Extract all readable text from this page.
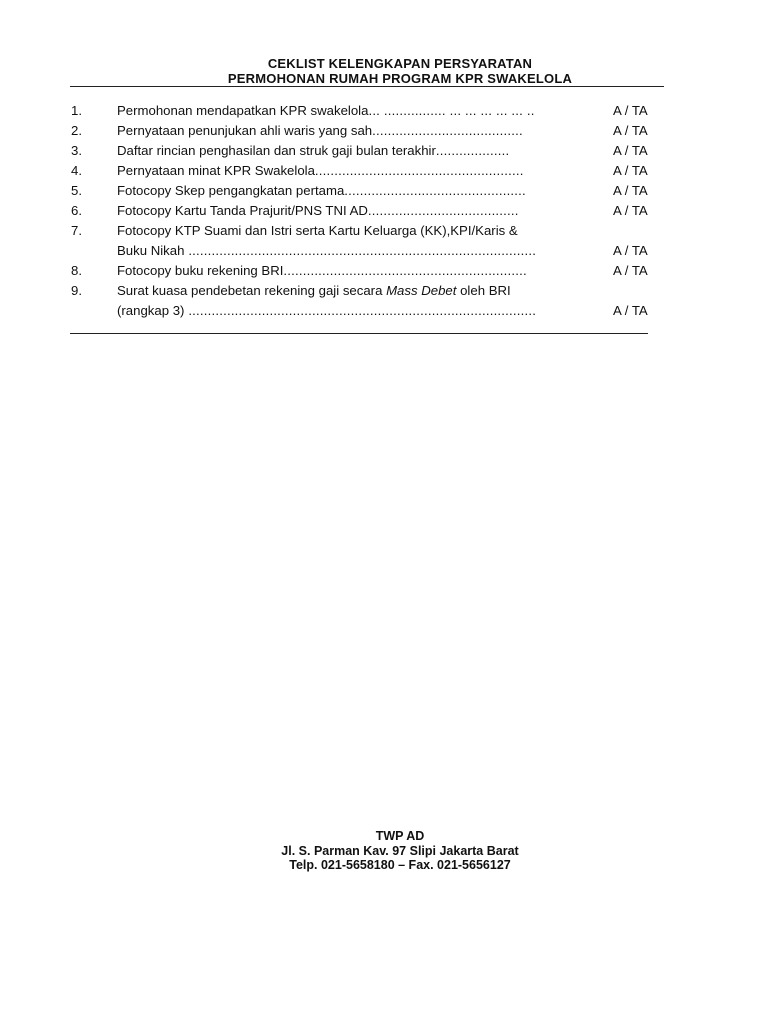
CEKLIST KELENGKAPAN PERSYARATAN
PERMOHONAN RUMAH PROGRAM KPR SWAKELOLA
1.	Permohonan mendapatkan KPR swakelola... ................ ... ... ... ... ... ..	A / TA
2.	Pernyataan penunjukan ahli waris yang sah.......................................	A / TA
3.	Daftar rincian penghasilan dan struk gaji bulan terakhir...................	A / TA
4.	Pernyataan minat KPR Swakelola......................................................	A / TA
5.	Fotocopy Skep pengangkatan pertama...............................................	A / TA
6.	Fotocopy Kartu Tanda Prajurit/PNS TNI AD.......................................	A / TA
7.	Fotocopy KTP Suami dan Istri serta Kartu Keluarga (KK),KPI/Karis &
Buku Nikah ..........................................................................................	A / TA
8.	Fotocopy buku rekening BRI...............................................................	A / TA
9.	Surat kuasa pendebetan rekening gaji secara Mass Debet oleh BRI
(rangkap 3) ..........................................................................................	A / TA
TWP AD
Jl. S. Parman Kav. 97 Slipi Jakarta Barat
Telp. 021-5658180 – Fax. 021-5656127
